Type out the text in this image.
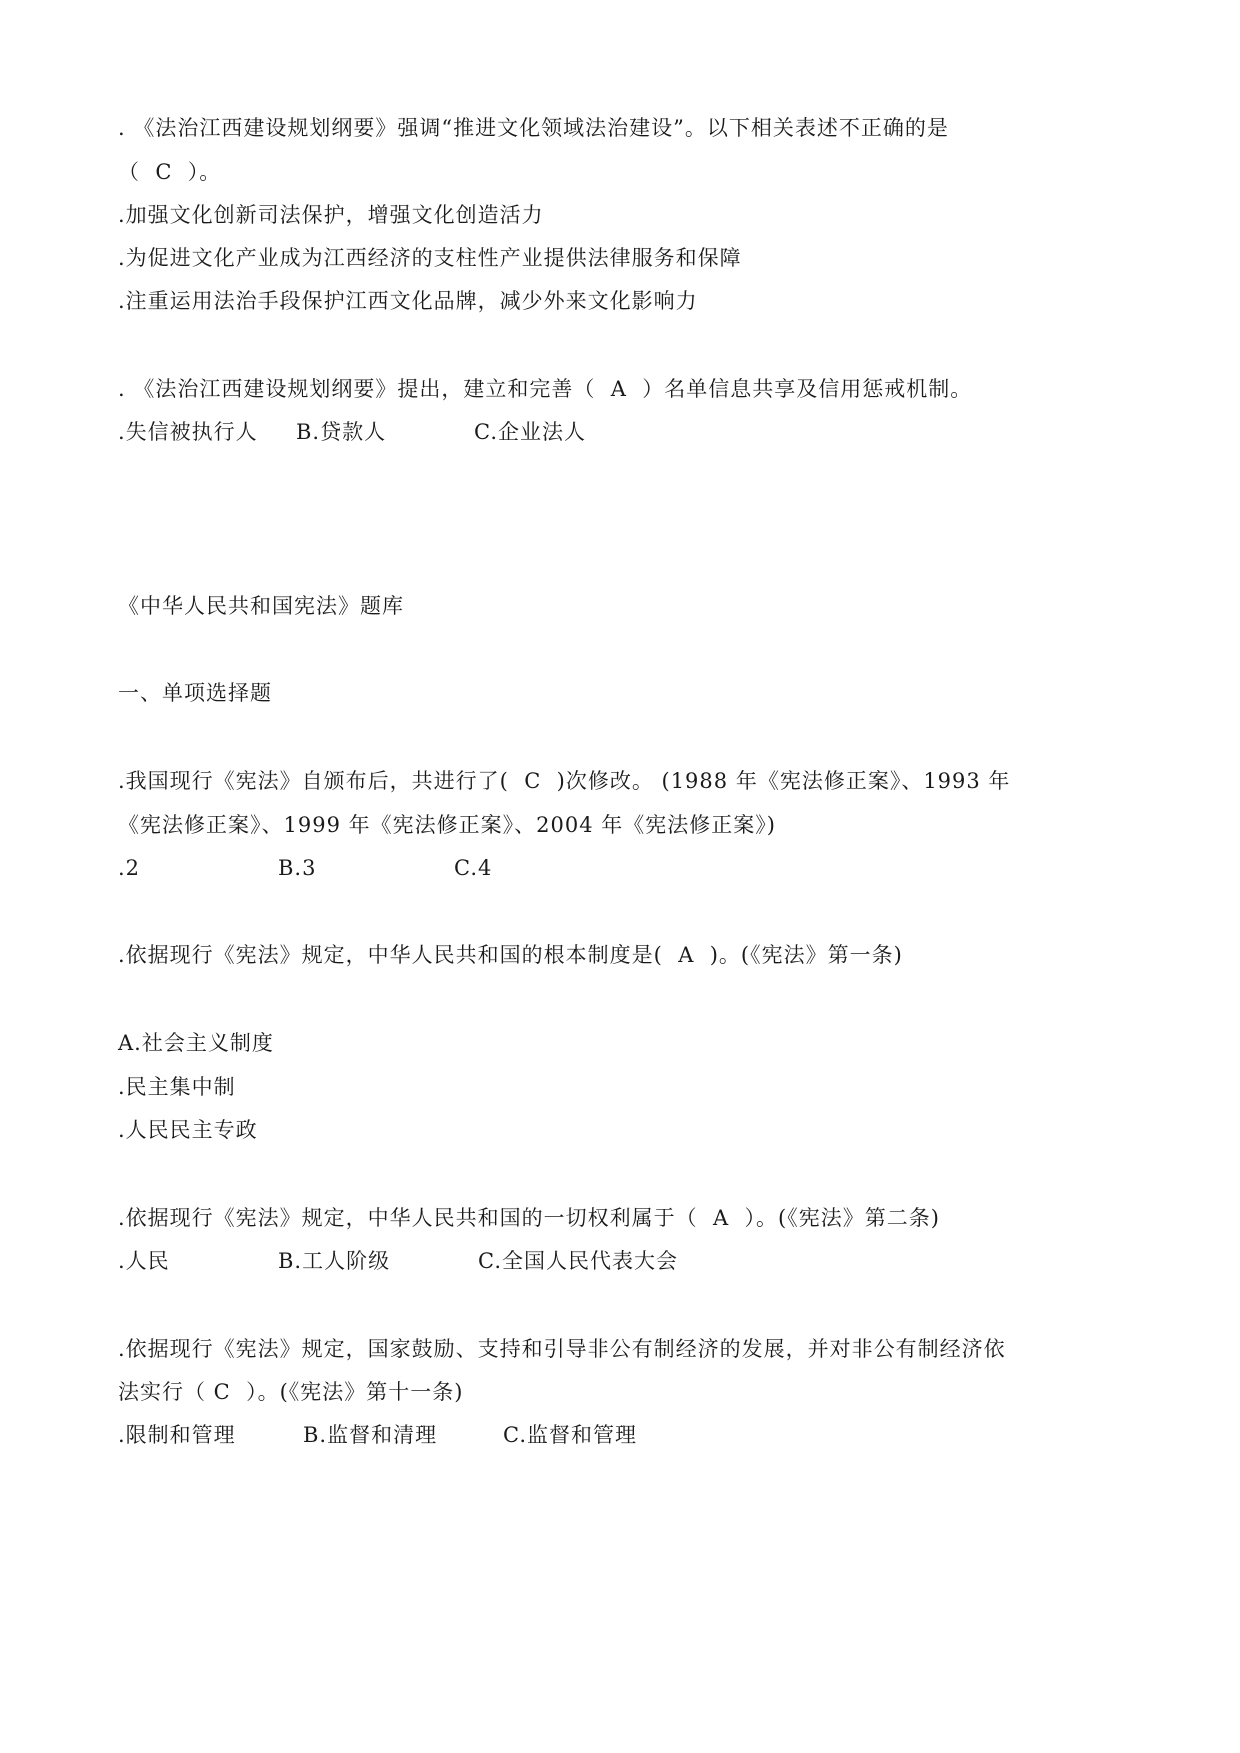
. 《法治江西建设规划纲要》强调“推进文化领域法治建设”。以下相关表述不正确的是
（  C  ）。
.加强文化创新司法保护，增强文化创造活力
.为促进文化产业成为江西经济的支柱性产业提供法律服务和保障
.注重运用法治手段保护江西文化品牌，减少外来文化影响力
. 《法治江西建设规划纲要》提出，建立和完善（  A  ）名单信息共享及信用惩戒机制。
.失信被执行人 B.贷款人	C.企业法人
《中华人民共和国宪法》题库
一、单项选择题
.我国现行《宪法》自颁布后，共进行了(  C  )次修改。 (1988 年《宪法修正案》、1993 年
《宪法修正案》、1999 年《宪法修正案》、2004 年《宪法修正案》)
.2	B.3	C.4
.依据现行《宪法》规定，中华人民共和国的根本制度是(  A  )。(《宪法》第一条)
A.社会主义制度
.民主集中制
.人民民主专政
.依据现行《宪法》规定，中华人民共和国的一切权利属于（  A  ）。(《宪法》第二条)
.人民	B.工人阶级	C.全国人民代表大会
.依据现行《宪法》规定，国家鼓励、支持和引导非公有制经济的发展，并对非公有制经济依
法实行（ C  ）。(《宪法》第十一条)
.限制和管理	B.监督和清理	C.监督和管理
